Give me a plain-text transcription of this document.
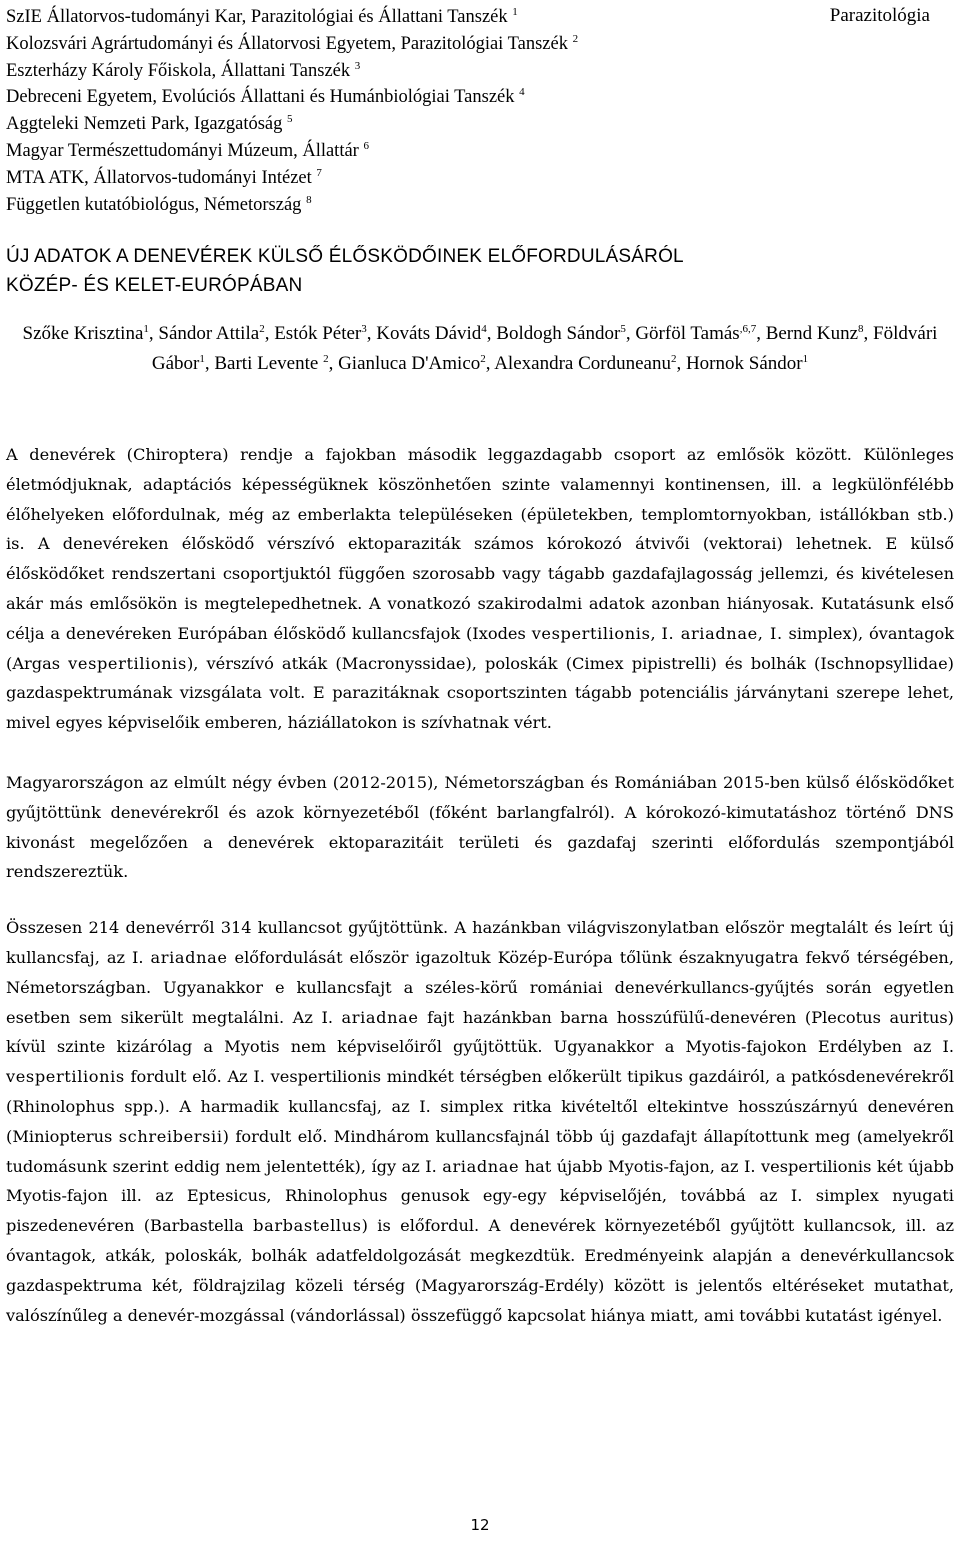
Parazitológia
SzIE Állatorvos-tudományi Kar, Parazitológiai és Állattani Tanszék $^1$
Kolozsvári Agrártudományi és Állatorvosi Egyetem, Parazitológiai Tanszék $^2$
Eszterházy Károly Főiskola, Állattani Tanszék $^3$
Debreceni Egyetem, Evolúciós Állattani és Humánbiológiai Tanszék $^4$
Aggteleki Nemzeti Park, Igazgatóság $^5$
Magyar Természettudományi Múzeum, Állattár $^6$
MTA ATK, Állatorvos-tudományi Intézet $^7$
Független kutatóbiológus, Németország $^8$
ÚJ ADATOK A DENEVÉREK KÜLSŐ ÉLŐSKÖDŐINEK ELŐFORDULÁSÁRÓL
KÖZÉP- ÉS KELET-EURÓPÁBAN
Szőke Krisztina$^1$, Sándor Attila$^2$, Estók Péter$^3$, Kováts Dávid$^4$, Boldogh Sándor$^5$, Görföl Tamás$^{,6,7}$, Bernd Kunz$^8$, Földvári Gábor$^1$, Barti Levente $^2$, Gianluca D'Amico$^2$, Alexandra Corduneanu$^2$, Hornok Sándor$^1$

A denevérek (Chiroptera) rendje a fajokban második leggazdagabb csoport az emlősök között. Különleges életmódjuknak, adaptációs képességüknek köszönhetően szinte valamennyi kontinensen, ill. a legkülönfélébb élőhelyeken előfordulnak, még az emberlakta településeken (épületekben, templomtornyokban, istállókban stb.) is. A denevéreken élősködő vérszívó ektoparaziták számos kórokozó átvivői (vektorai) lehetnek. E külső élősködőket rendszertani csoportjuktól függően szorosabb vagy tágabb gazdafajlagosság jellemzi, és kivételesen akár más emlősökön is megtelepedhetnek. A vonatkozó szakirodalmi adatok azonban hiányosak. Kutatásunk első célja a denevéreken Európában élősködő kullancsfajok (Ixodes vespertilionis, I. ariadnae, I. simplex), óvantagok (Argas vespertilionis), vérszívó atkák (Macronyssidae), poloskák (Cimex pipistrelli) és bolhák (Ischnopsyllidae) gazdaspektrumának vizsgálata volt. E parazitáknak csoportszinten tágabb potenciális járványtani szerepe lehet, mivel egyes képviselőik emberen, háziállatokon is szívhatnak vért.

Magyarországon az elmúlt négy évben (2012-2015), Németországban és Romániában 2015-ben külső élősködőket gyűjtöttünk denevérekről és azok környezetéből (főként barlangfalról). A kórokozó-kimutatáshoz történő DNS kivonást megelőzően a denevérek ektoparazitáit területi és gazdafaj szerinti előfordulás szempontjából rendszereztük.

Összesen 214 denevérről 314 kullancsot gyűjtöttünk. A hazánkban világviszonylatban először megtalált és leírt új kullancsfaj, az I. ariadnae előfordulását először igazoltuk Közép-Európa tőlünk északnyugatra fekvő térségében, Németországban. Ugyanakkor e kullancsfajt a széles-körű romániai denevérkullancs-gyűjtés során egyetlen esetben sem sikerült megtalálni. Az I. ariadnae fajt hazánkban barna hosszúfülű-denevéren (Plecotus auritus) kívül szinte kizárólag a Myotis nem képviselőiről gyűjtöttük. Ugyanakkor a Myotis-fajokon Erdélyben az I. vespertilionis fordult elő. Az I. vespertilionis mindkét térségben előkerült tipikus gazdáiról, a patkósdenevérekről (Rhinolophus spp.). A harmadik kullancsfaj, az I. simplex ritka kivételtől eltekintve hosszúszárnyú denevéren (Miniopterus schreibersii) fordult elő. Mindhárom kullancsfajnál több új gazdafajt állapítottunk meg (amelyekről tudomásunk szerint eddig nem jelentették), így az I. ariadnae hat újabb Myotis-fajon, az I. vespertilionis két újabb Myotis-fajon ill. az Eptesicus, Rhinolophus genusok egy-egy képviselőjén, továbbá az I. simplex nyugati piszedenevéren (Barbastella barbastellus) is előfordul. A denevérek környezetéből gyűjtött kullancsok, ill. az óvantagok, atkák, poloskák, bolhák adatfeldolgozását megkezdtük. Eredményeink alapján a denevérkullancsok gazdaspektruma két, földrajzilag közeli térség (Magyarország-Erdély) között is jelentős eltéréseket mutathat, valószínűleg a denevér-mozgással (vándorlással) összefüggő kapcsolat hiánya miatt, ami további kutatást igényel.

12
